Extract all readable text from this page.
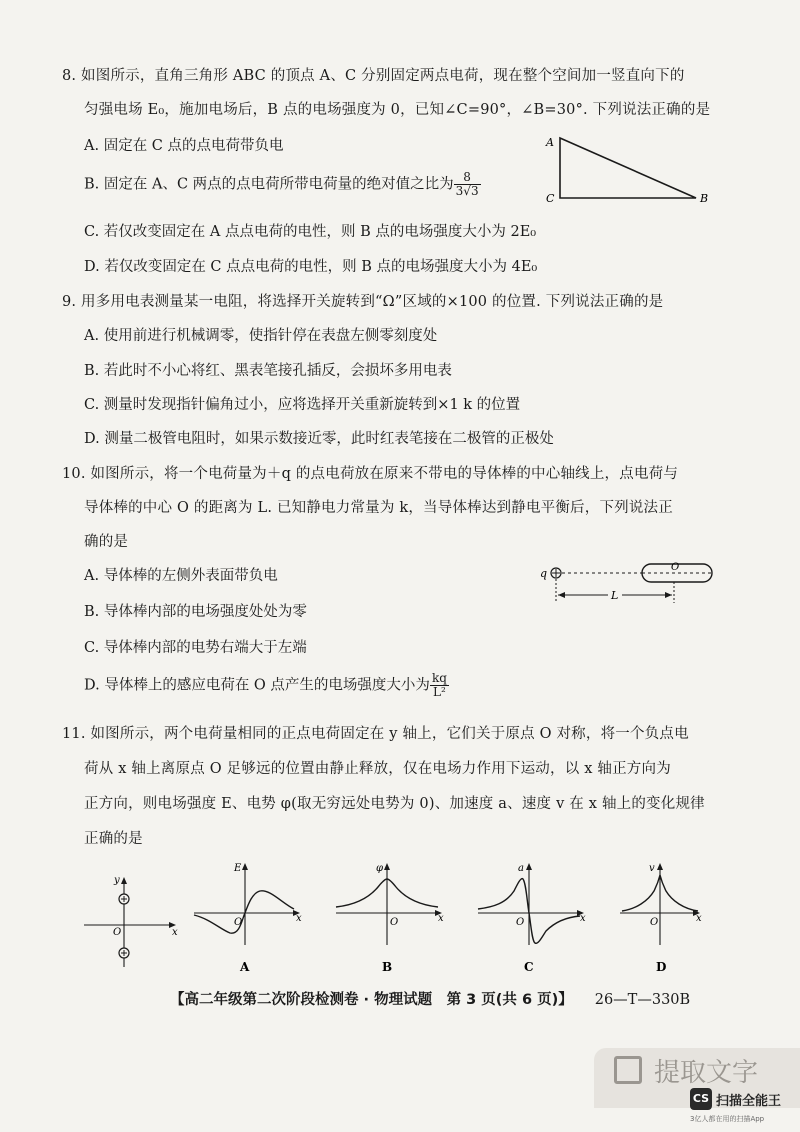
8. 如图所示，直角三角形 ABC 的顶点 A、C 分别固定两点电荷，现在整个空间加一竖直向下的
匀强电场 E₀，施加电场后，B 点的电场强度为 0，已知∠C=90°，∠B=30°. 下列说法正确的是
A. 固定在 C 点的点电荷带负电
B. 固定在 A、C 两点的点电荷所带电荷量的绝对值之比为 $\frac{8}{3√3}$
C. 若仅改变固定在 A 点点电荷的电性，则 B 点的电场强度大小为 2E₀
D. 若仅改变固定在 C 点点电荷的电性，则 B 点的电场强度大小为 4E₀
A
C	B
9. 用多用电表测量某一电阻，将选择开关旋转到“Ω”区域的×100 的位置. 下列说法正确的是
A. 使用前进行机械调零，使指针停在表盘左侧零刻度处
B. 若此时不小心将红、黑表笔接孔插反，会损坏多用电表
C. 测量时发现指针偏角过小，应将选择开关重新旋转到×1 k 的位置
D. 测量二极管电阻时，如果示数接近零，此时红表笔接在二极管的正极处
10. 如图所示，将一个电荷量为＋q 的点电荷放在原来不带电的导体棒的中心轴线上，点电荷与
导体棒的中心 O 的距离为 L. 已知静电力常量为 k，当导体棒达到静电平衡后，下列说法正
确的是
A. 导体棒的左侧外表面带负电
B. 导体棒内部的电场强度处处为零
C. 导体棒内部的电势右端大于左端
D. 导体棒上的感应电荷在 O 点产生的电场强度大小为 $\frac{kq}{\text{L²}}$
q	O
L
11. 如图所示，两个电荷量相同的正点电荷固定在 y 轴上，它们关于原点 O 对称，将一个负点电
荷从 x 轴上离原点 O 足够远的位置由静止释放，仅在电场力作用下运动，以 x 轴正方向为
正方向，则电场强度 E、电势 φ(取无穷远处电势为 0)、加速度 a、速度 v 在 x 轴上的变化规律
正确的是
y
x
O
E
x
O
A
φ
x
O
B
a
x
O
C
v
x
O
D
【高二年级第二次阶段检测卷 · 物理试题　第 3 页(共 6 页)】 26—T—330B
提取文字
CS 扫描全能王
3亿人都在用的扫描App
